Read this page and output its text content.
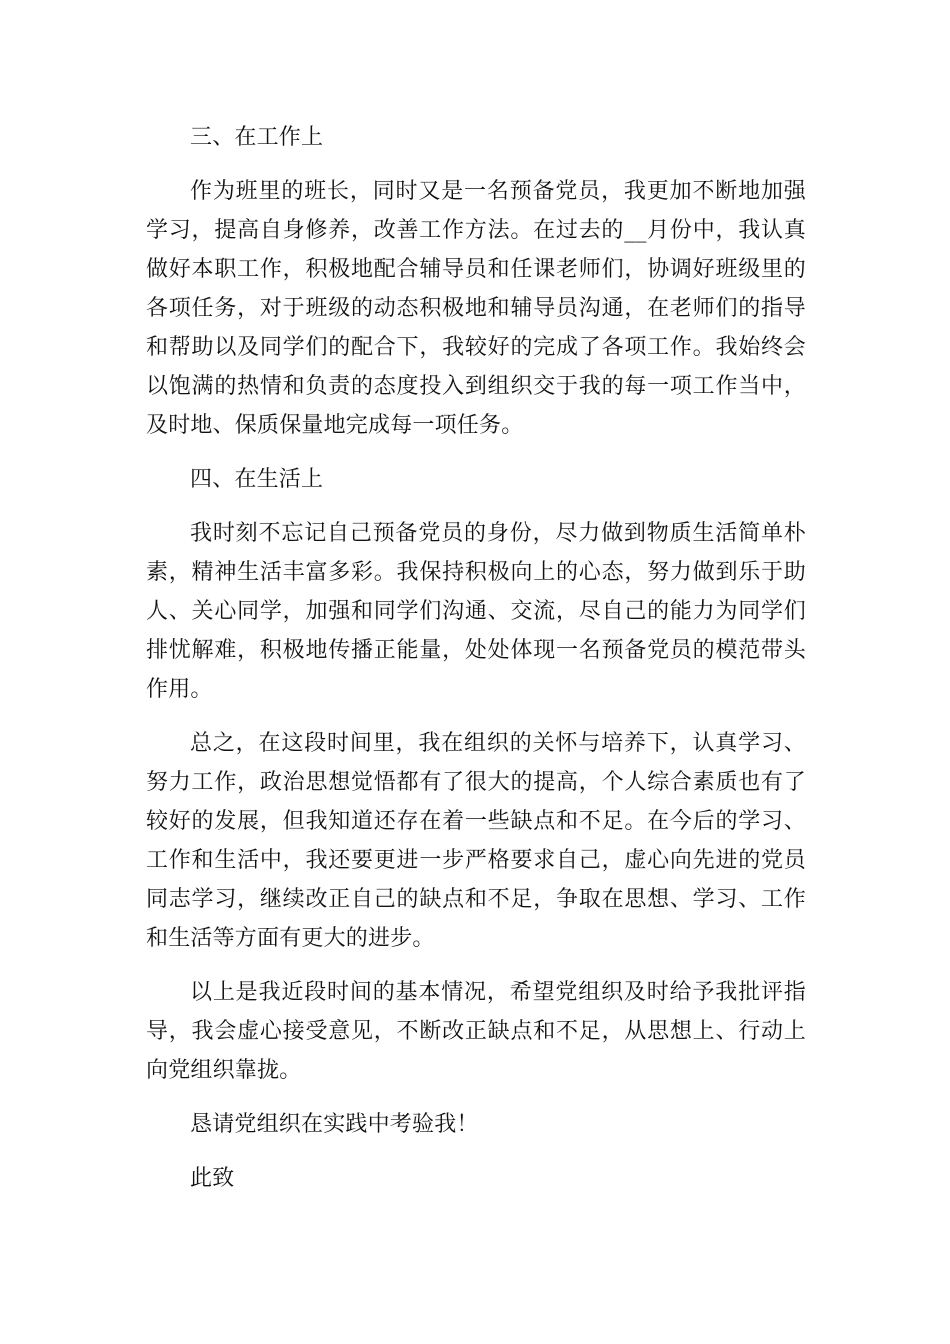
三、在工作上

作为班里的班长，同时又是一名预备党员，我更加不断地加强学习，提高自身修养，改善工作方法。在过去的__月份中，我认真做好本职工作，积极地配合辅导员和任课老师们，协调好班级里的各项任务，对于班级的动态积极地和辅导员沟通，在老师们的指导和帮助以及同学们的配合下，我较好的完成了各项工作。我始终会以饱满的热情和负责的态度投入到组织交于我的每一项工作当中，及时地、保质保量地完成每一项任务。

四、在生活上

我时刻不忘记自己预备党员的身份，尽力做到物质生活简单朴素，精神生活丰富多彩。我保持积极向上的心态，努力做到乐于助人、关心同学，加强和同学们沟通、交流，尽自己的能力为同学们排忧解难，积极地传播正能量，处处体现一名预备党员的模范带头作用。

总之，在这段时间里，我在组织的关怀与培养下，认真学习、努力工作，政治思想觉悟都有了很大的提高，个人综合素质也有了较好的发展，但我知道还存在着一些缺点和不足。在今后的学习、工作和生活中，我还要更进一步严格要求自己，虚心向先进的党员同志学习，继续改正自己的缺点和不足，争取在思想、学习、工作和生活等方面有更大的进步。

以上是我近段时间的基本情况，希望党组织及时给予我批评指导，我会虚心接受意见，不断改正缺点和不足，从思想上、行动上向党组织靠拢。

恳请党组织在实践中考验我！

此致
